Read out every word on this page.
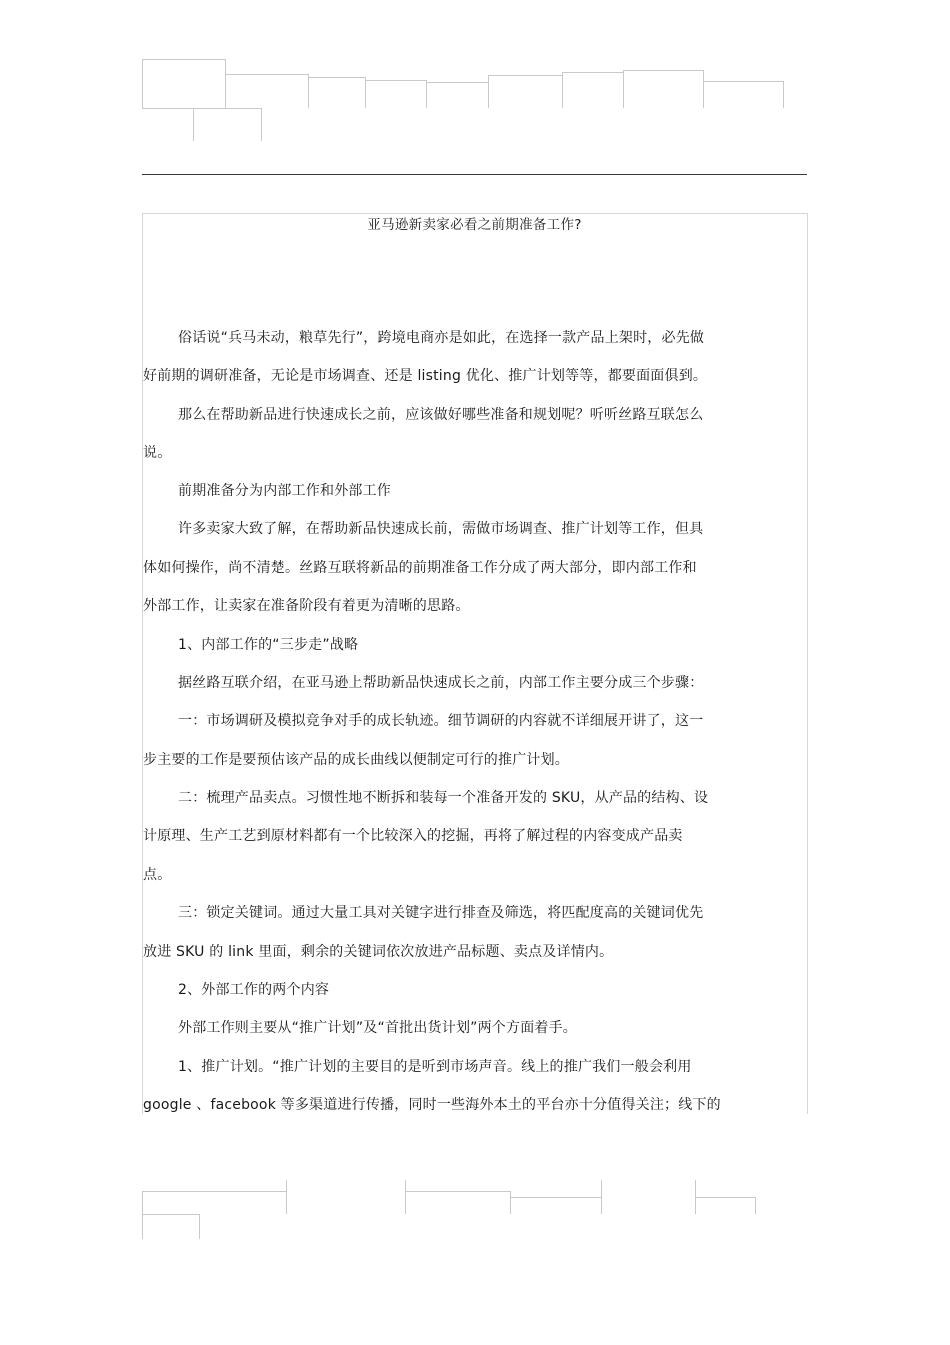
亚马逊新卖家必看之前期准备工作?
俗话说“兵马未动，粮草先行”，跨境电商亦是如此，在选择一款产品上架时，必先做
好前期的调研准备，无论是市场调查、还是 listing 优化、推广计划等等，都要面面俱到。
那么在帮助新品进行快速成长之前，应该做好哪些准备和规划呢？听听丝路互联怎么
说。
前期准备分为内部工作和外部工作
许多卖家大致了解，在帮助新品快速成长前，需做市场调查、推广计划等工作，但具
体如何操作，尚不清楚。丝路互联将新品的前期准备工作分成了两大部分，即内部工作和
外部工作，让卖家在准备阶段有着更为清晰的思路。
1、内部工作的“三步走”战略
据丝路互联介绍，在亚马逊上帮助新品快速成长之前，内部工作主要分成三个步骤：
一：市场调研及模拟竞争对手的成长轨迹。细节调研的内容就不详细展开讲了，这一
步主要的工作是要预估该产品的成长曲线以便制定可行的推广计划。
二：梳理产品卖点。习惯性地不断拆和装每一个准备开发的 SKU，从产品的结构、设
计原理、生产工艺到原材料都有一个比较深入的挖掘，再将了解过程的内容变成产品卖
点。
三：锁定关键词。通过大量工具对关键字进行排查及筛选，将匹配度高的关键词优先
放进 SKU 的 link 里面，剩余的关键词依次放进产品标题、卖点及详情内。
2、外部工作的两个内容
外部工作则主要从“推广计划”及“首批出货计划”两个方面着手。
1、推广计划。“推广计划的主要目的是听到市场声音。线上的推广我们一般会利用
google 、facebook 等多渠道进行传播，同时一些海外本土的平台亦十分值得关注；线下的
